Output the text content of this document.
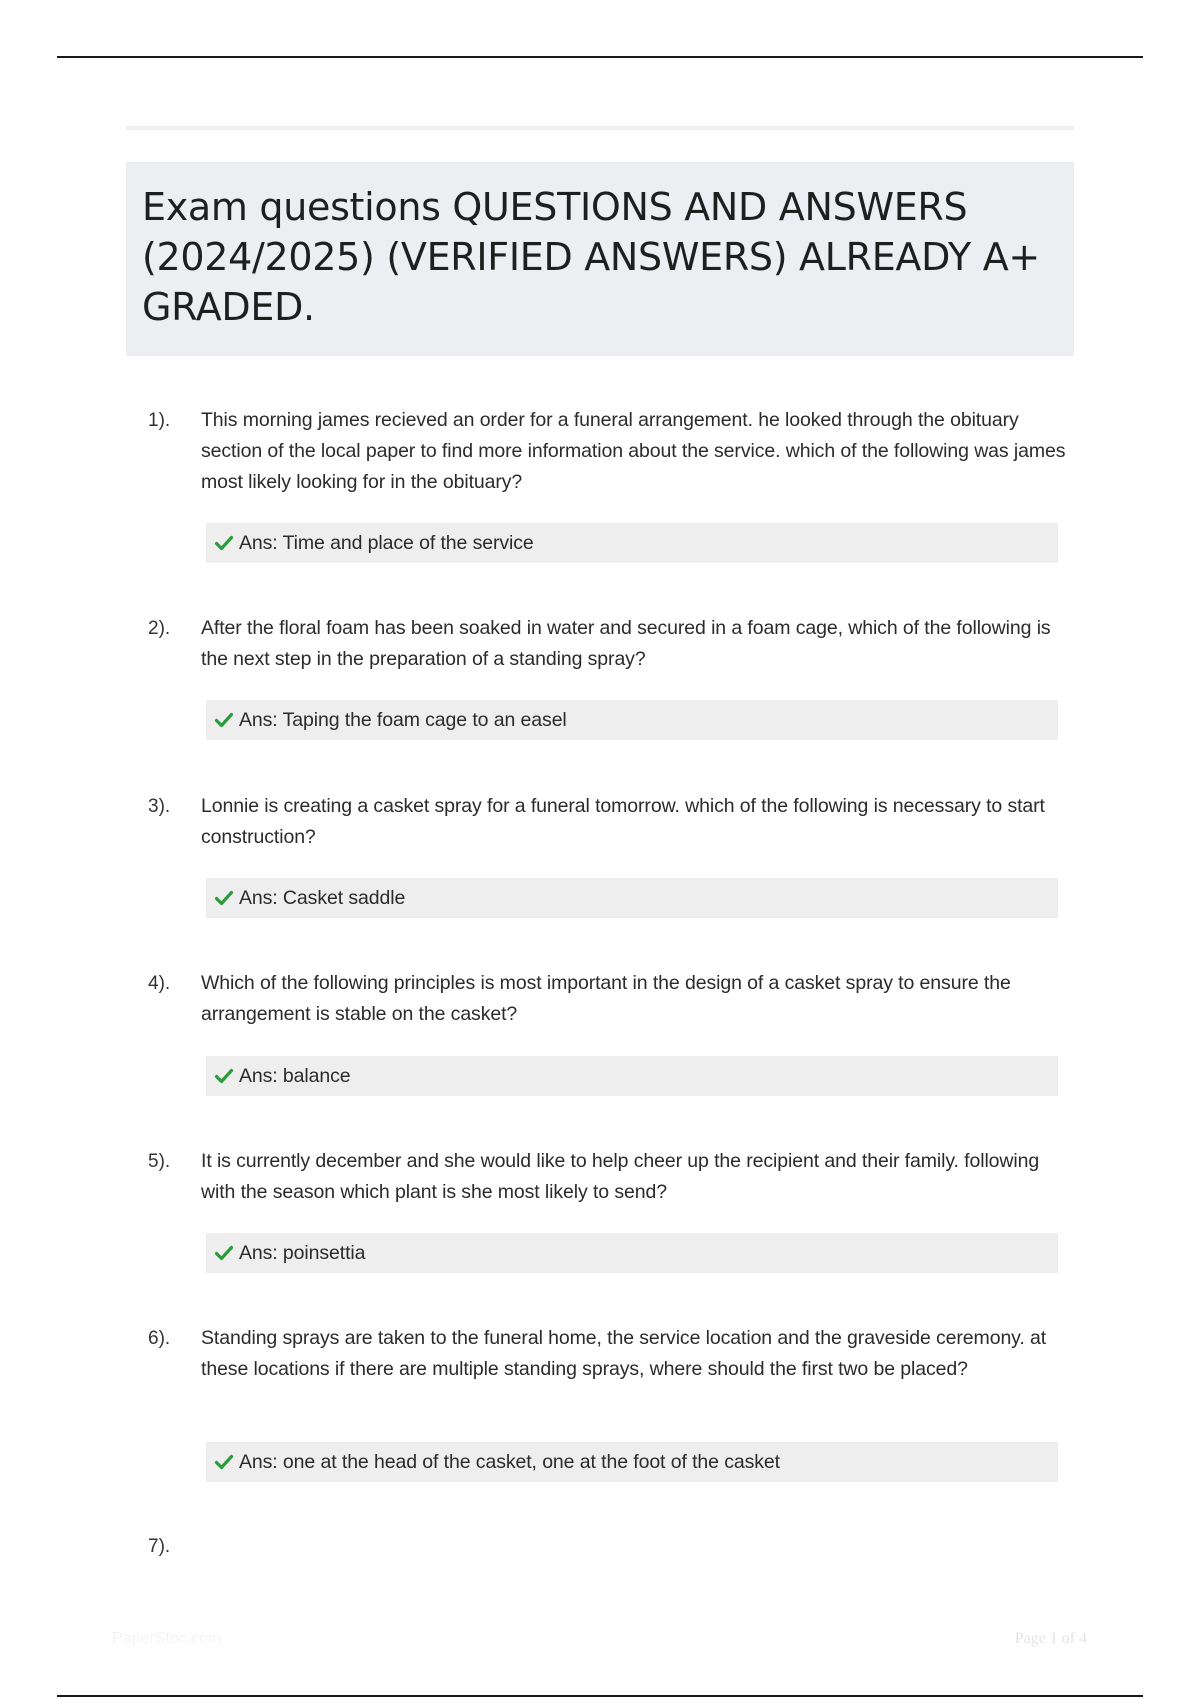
Exam questions QUESTIONS AND ANSWERS (2024/2025) (VERIFIED ANSWERS) ALREADY A+ GRADED.
1). This morning james recieved an order for a funeral arrangement. he looked through the obituary section of the local paper to find more information about the service. which of the following was james most likely looking for in the obituary?
Ans: Time and place of the service
2). After the floral foam has been soaked in water and secured in a foam cage, which of the following is the next step in the preparation of a standing spray?
Ans: Taping the foam cage to an easel
3). Lonnie is creating a casket spray for a funeral tomorrow. which of the following is necessary to start construction?
Ans: Casket saddle
4). Which of the following principles is most important in the design of a casket spray to ensure the arrangement is stable on the casket?
Ans: balance
5). It is currently december and she would like to help cheer up the recipient and their family. following with the season which plant is she most likely to send?
Ans: poinsettia
6). Standing sprays are taken to the funeral home, the service location and the graveside ceremony. at these locations if there are multiple standing sprays, where should the first two be placed?
Ans: one at the head of the casket, one at the foot of the casket
7).
PaperStoc.com	Page 1 of 4
